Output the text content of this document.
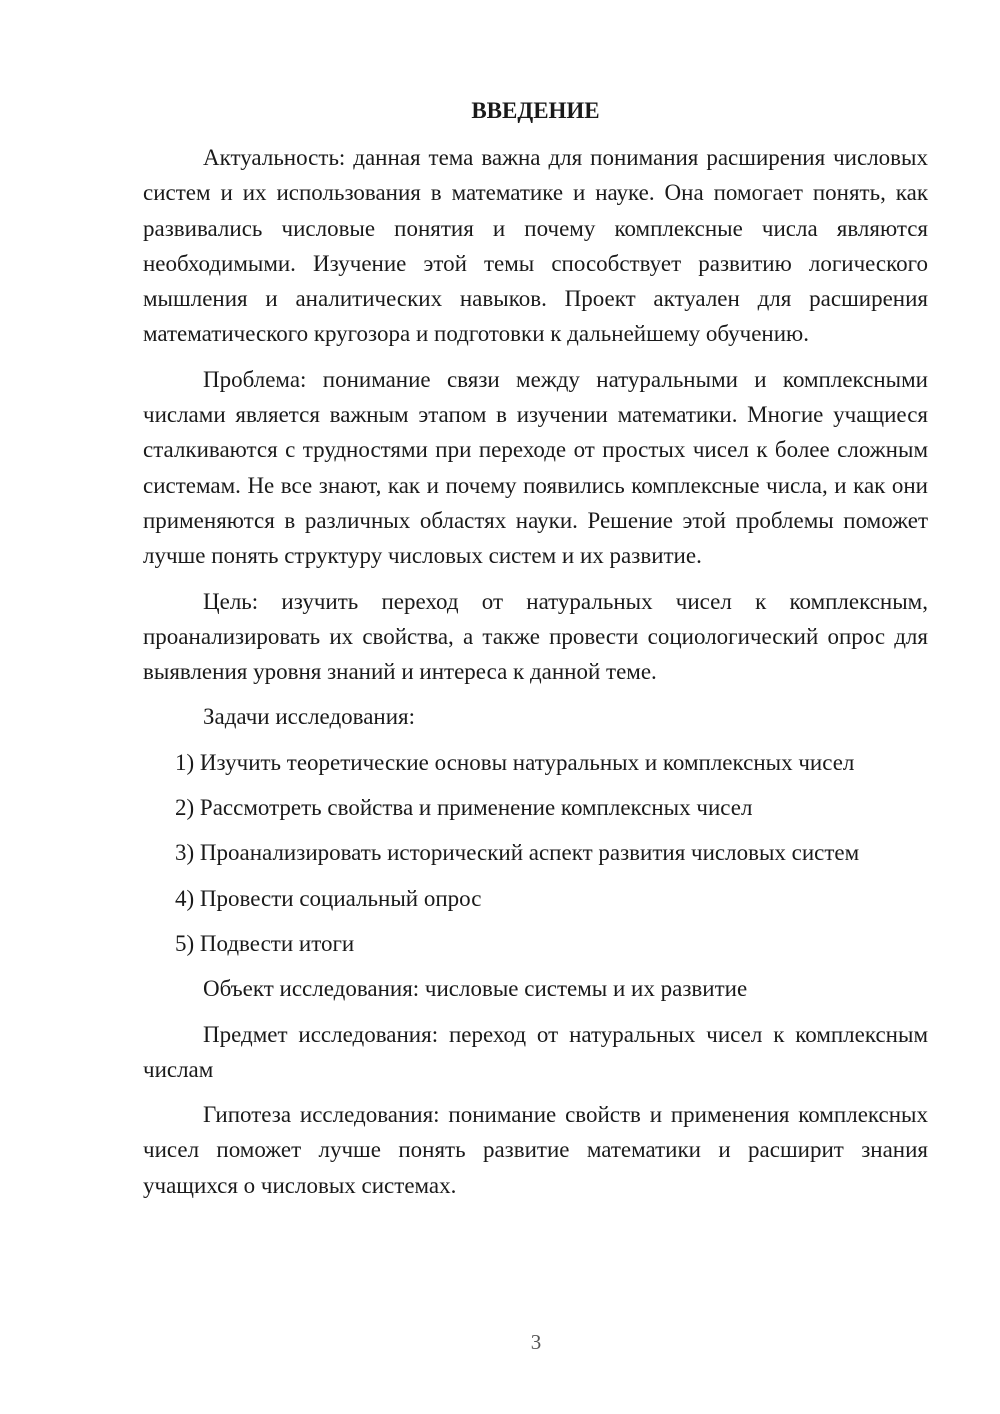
ВВЕДЕНИЕ

Актуальность: данная тема важна для понимания расширения числовых систем и их использования в математике и науке. Она помогает понять, как развивались числовые понятия и почему комплексные числа являются необходимыми. Изучение этой темы способствует развитию логического мышления и аналитических навыков. Проект актуален для расширения математического кругозора и подготовки к дальнейшему обучению.

Проблема: понимание связи между натуральными и комплексными числами является важным этапом в изучении математики. Многие учащиеся сталкиваются с трудностями при переходе от простых чисел к более сложным системам. Не все знают, как и почему появились комплексные числа, и как они применяются в различных областях науки. Решение этой проблемы поможет лучше понять структуру числовых систем и их развитие.

Цель: изучить переход от натуральных чисел к комплексным, проанализировать их свойства, а также провести социологический опрос для выявления уровня знаний и интереса к данной теме.

Задачи исследования:

1) Изучить теоретические основы натуральных и комплексных чисел
2) Рассмотреть свойства и применение комплексных чисел
3) Проанализировать исторический аспект развития числовых систем
4) Провести социальный опрос
5) Подвести итоги

Объект исследования: числовые системы и их развитие

Предмет исследования: переход от натуральных чисел к комплексным числам

Гипотеза исследования: понимание свойств и применения комплексных чисел поможет лучше понять развитие математики и расширит знания учащихся о числовых системах.

3
